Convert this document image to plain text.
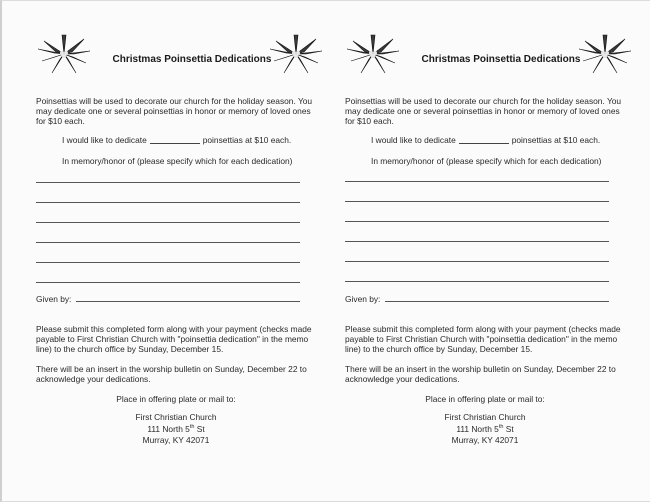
Christmas Poinsettia Dedications
Poinsettias will be used to decorate our church for the holiday season. You may dedicate one or several poinsettias in honor or memory of loved ones for $10 each.
I would like to dedicate	poinsettias at $10 each.
In memory/honor of (please specify which for each dedication)
Given by:
Please submit this completed form along with your payment (checks made payable to First Christian Church with "poinsettia dedication" in the memo line) to the church office by Sunday, December 15.
There will be an insert in the worship bulletin on Sunday, December 22 to acknowledge your dedications.
Place in offering plate or mail to:
First Christian Church
111 North 5th St
Murray, KY 42071
Christmas Poinsettia Dedications
Poinsettias will be used to decorate our church for the holiday season. You may dedicate one or several poinsettias in honor or memory of loved ones for $10 each.
I would like to dedicate	poinsettias at $10 each.
In memory/honor of (please specify which for each dedication)
Given by:
Please submit this completed form along with your payment (checks made payable to First Christian Church with "poinsettia dedication" in the memo line) to the church office by Sunday, December 15.
There will be an insert in the worship bulletin on Sunday, December 22 to acknowledge your dedications.
Place in offering plate or mail to:
First Christian Church
111 North 5th St
Murray, KY 42071
